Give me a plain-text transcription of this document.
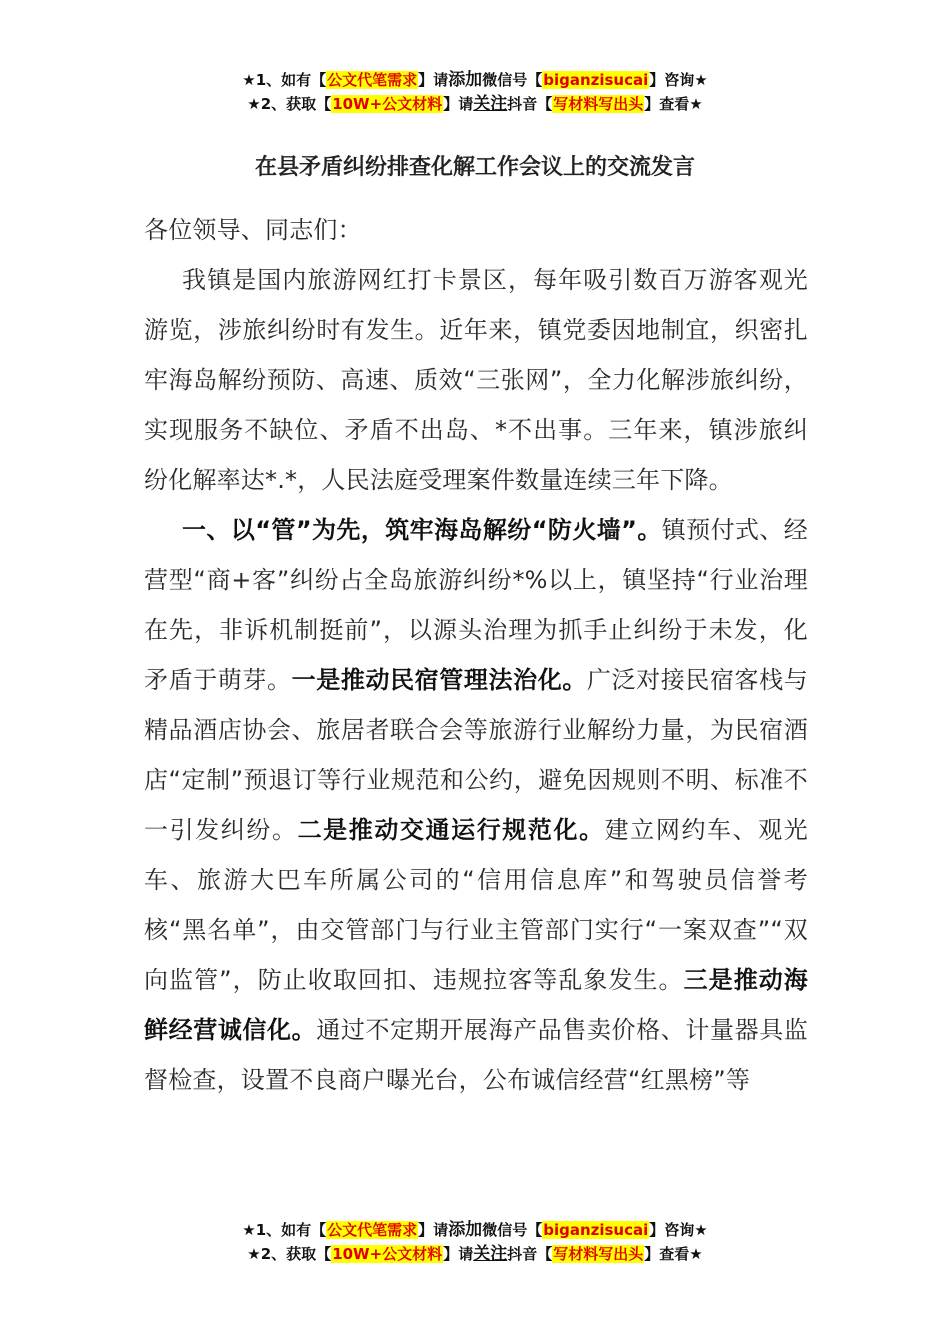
★1、如有【公文代笔需求】请添加微信号【biganzisucai】咨询★
★2、获取【10W+公文材料】请关注抖音【写材料写出头】查看★
在县矛盾纠纷排查化解工作会议上的交流发言

各位领导、同志们：

我镇是国内旅游网红打卡景区，每年吸引数百万游客观光游览，涉旅纠纷时有发生。近年来，镇党委因地制宜，织密扎牢海岛解纷预防、高速、质效“三张网”，全力化解涉旅纠纷，实现服务不缺位、矛盾不出岛、*不出事。三年来，镇涉旅纠纷化解率达*.*，人民法庭受理案件数量连续三年下降。

一、以“管”为先，筑牢海岛解纷“防火墙”。镇预付式、经营型“商+客”纠纷占全岛旅游纠纷*%以上，镇坚持“行业治理在先，非诉机制挺前”，以源头治理为抓手止纠纷于未发，化矛盾于萌芽。一是推动民宿管理法治化。广泛对接民宿客栈与精品酒店协会、旅居者联合会等旅游行业解纷力量，为民宿酒店“定制”预退订等行业规范和公约，避免因规则不明、标准不一引发纠纷。二是推动交通运行规范化。建立网约车、观光车、旅游大巴车所属公司的“信用信息库”和驾驶员信誉考核“黑名单”，由交管部门与行业主管部门实行“一案双查”“双向监管”，防止收取回扣、违规拉客等乱象发生。三是推动海鲜经营诚信化。通过不定期开展海产品售卖价格、计量器具监督检查，设置不良商户曝光台，公布诚信经营“红黑榜”等

★1、如有【公文代笔需求】请添加微信号【biganzisucai】咨询★
★2、获取【10W+公文材料】请关注抖音【写材料写出头】查看★
